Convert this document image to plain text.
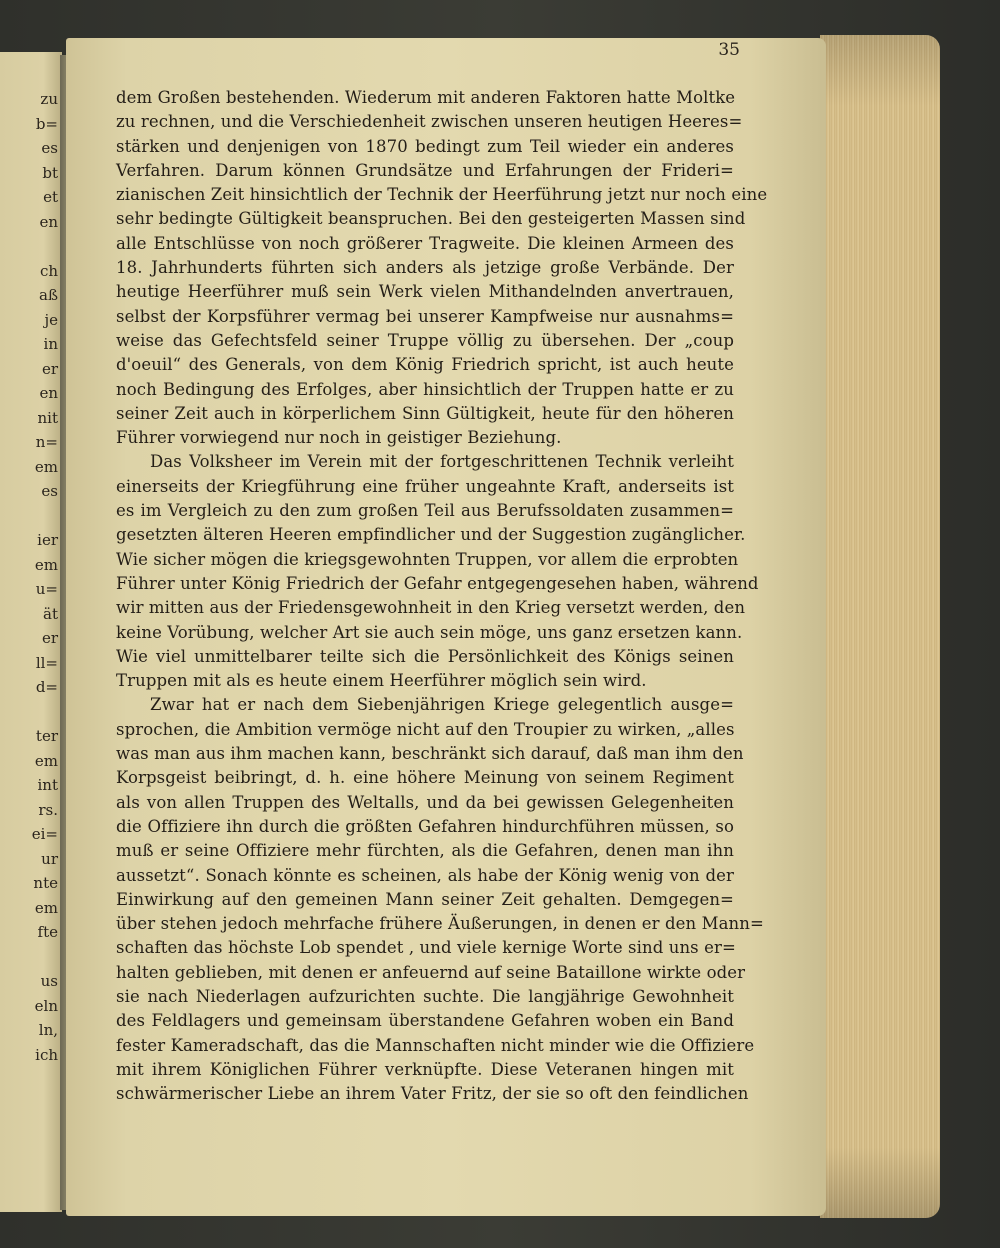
zu
b=
es
bt
et
en
ch
aß
je
in
er
en
nit
n=
em
es
ier
em
u=
ät
er
ll=
d=
ter
em
int
rs.
ei=
ur
nte
em
fte
us
eln
ln,
ich
35
dem Großen bestehenden. Wiederum mit anderen Faktoren hatte Moltke
zu rechnen, und die Verschiedenheit zwischen unseren heutigen Heeres=
stärken und denjenigen von 1870 bedingt zum Teil wieder ein anderes
Verfahren. Darum können Grundsätze und Erfahrungen der Frideri=
zianischen Zeit hinsichtlich der Technik der Heerführung jetzt nur noch eine
sehr bedingte Gültigkeit beanspruchen. Bei den gesteigerten Massen sind
alle Entschlüsse von noch größerer Tragweite. Die kleinen Armeen des
18. Jahrhunderts führten sich anders als jetzige große Verbände. Der
heutige Heerführer muß sein Werk vielen Mithandelnden anvertrauen,
selbst der Korpsführer vermag bei unserer Kampfweise nur ausnahms=
weise das Gefechtsfeld seiner Truppe völlig zu übersehen. Der „coup
d'oeuil“ des Generals, von dem König Friedrich spricht, ist auch heute
noch Bedingung des Erfolges, aber hinsichtlich der Truppen hatte er zu
seiner Zeit auch in körperlichem Sinn Gültigkeit, heute für den höheren
Führer vorwiegend nur noch in geistiger Beziehung.
Das Volksheer im Verein mit der fortgeschrittenen Technik verleiht
einerseits der Kriegführung eine früher ungeahnte Kraft, anderseits ist
es im Vergleich zu den zum großen Teil aus Berufssoldaten zusammen=
gesetzten älteren Heeren empfindlicher und der Suggestion zugänglicher.
Wie sicher mögen die kriegsgewohnten Truppen, vor allem die erprobten
Führer unter König Friedrich der Gefahr entgegengesehen haben, während
wir mitten aus der Friedensgewohnheit in den Krieg versetzt werden, den
keine Vorübung, welcher Art sie auch sein möge, uns ganz ersetzen kann.
Wie viel unmittelbarer teilte sich die Persönlichkeit des Königs seinen
Truppen mit als es heute einem Heerführer möglich sein wird.
Zwar hat er nach dem Siebenjährigen Kriege gelegentlich ausge=
sprochen, die Ambition vermöge nicht auf den Troupier zu wirken, „alles
was man aus ihm machen kann, beschränkt sich darauf, daß man ihm den
Korpsgeist beibringt, d. h. eine höhere Meinung von seinem Regiment
als von allen Truppen des Weltalls, und da bei gewissen Gelegenheiten
die Offiziere ihn durch die größten Gefahren hindurchführen müssen, so
muß er seine Offiziere mehr fürchten, als die Gefahren, denen man ihn
aussetzt“. Sonach könnte es scheinen, als habe der König wenig von der
Einwirkung auf den gemeinen Mann seiner Zeit gehalten. Demgegen=
über stehen jedoch mehrfache frühere Äußerungen, in denen er den Mann=
schaften das höchste Lob spendet , und viele kernige Worte sind uns er=
halten geblieben, mit denen er anfeuernd auf seine Bataillone wirkte oder
sie nach Niederlagen aufzurichten suchte. Die langjährige Gewohnheit
des Feldlagers und gemeinsam überstandene Gefahren woben ein Band
fester Kameradschaft, das die Mannschaften nicht minder wie die Offiziere
mit ihrem Königlichen Führer verknüpfte. Diese Veteranen hingen mit
schwärmerischer Liebe an ihrem Vater Fritz, der sie so oft den feindlichen
